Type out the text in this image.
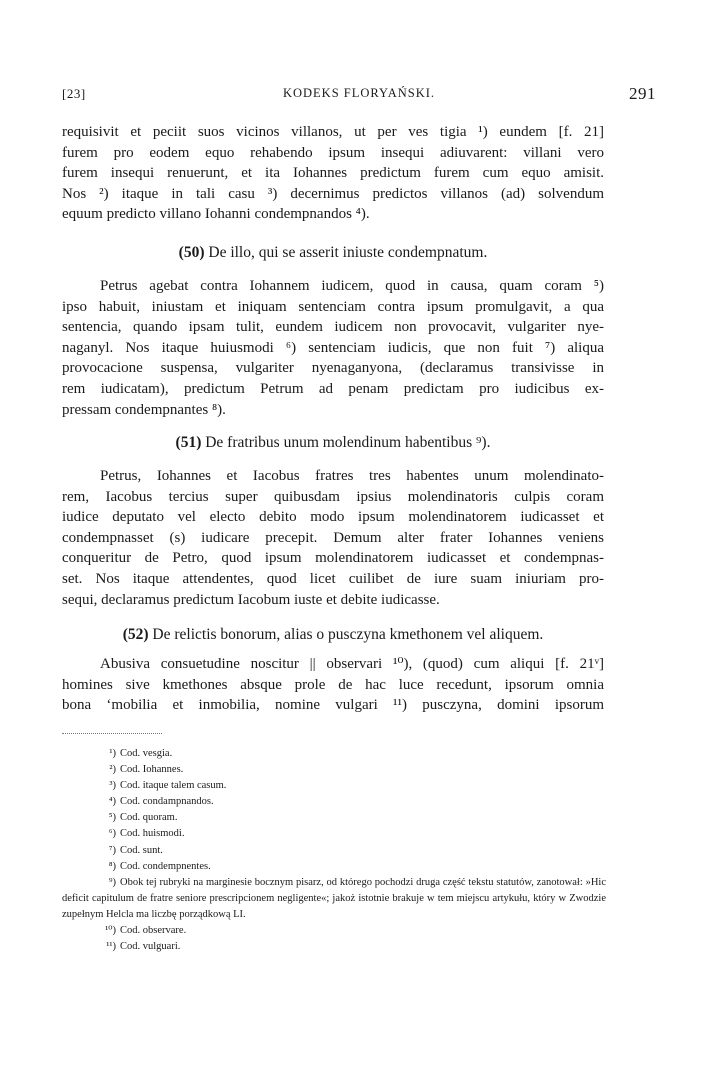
[23]	KODEKS FLORYAŃSKI.	291
requisivit et peciit suos vicinos villanos, ut per ves tigia ¹) eundem [f. 21]
furem pro eodem equo rehabendo ipsum insequi adiuvarent: villani vero
furem insequi renuerunt, et ita Iohannes predictum furem cum equo amisit.
Nos ²) itaque in tali casu ³) decernimus predictos villanos (ad) solvendum
equum predicto villano Iohanni condempnandos ⁴).
(50) De illo, qui se asserit iniuste condempnatum.
Petrus agebat contra Iohannem iudicem, quod in causa, quam coram ⁵)
ipso habuit, iniustam et iniquam sentenciam contra ipsum promulgavit, a qua
sentencia, quando ipsam tulit, eundem iudicem non provocavit, vulgariter nye-
naganyl. Nos itaque huiusmodi ⁶) sentenciam iudicis, que non fuit ⁷) aliqua
provocacione suspensa, vulgariter nyenaganyona, (declaramus transivisse in
rem iudicatam), predictum Petrum ad penam predictam pro iudicibus ex-
pressam condempnantes ⁸).
(51) De fratribus unum molendinum habentibus ⁹).
Petrus, Iohannes et Iacobus fratres tres habentes unum molendinato-
rem, Iacobus tercius super quibusdam ipsius molendinatoris culpis coram
iudice deputato vel electo debito modo ipsum molendinatorem iudicasset et
condempnasset (s) iudicare precepit. Demum alter frater Iohannes veniens
conqueritur de Petro, quod ipsum molendinatorem iudicasset et condempnas-
set. Nos itaque attendentes, quod licet cuilibet de iure suam iniuriam pro-
sequi, declaramus predictum Iacobum iuste et debite iudicasse.
(52) De relictis bonorum, alias o pusczyna kmethonem vel aliquem.
Abusiva consuetudine noscitur || observari ¹⁰), (quod) cum aliqui [f. 21ᵛ]
homines sive kmethones absque prole de hac luce recedunt, ipsorum omnia
bona ‘mobilia et inmobilia, nomine vulgari ¹¹) pusczyna, domini ipsorum
¹) Cod. vesgia.
²) Cod. Iohannes.
³) Cod. itaque talem casum.
⁴) Cod. condampnandos.
⁵) Cod. quoram.
⁶) Cod. huismodi.
⁷) Cod. sunt.
⁸) Cod. condempnentes.
⁹) Obok tej rubryki na marginesie bocznym pisarz, od którego pochodzi druga część tekstu statutów, zanotował: »Hic deficit capitulum de fratre seniore prescripcionem negligente«; jakoż istotnie brakuje w tem miejscu artykułu, który w Zwodzie zupełnym Helcla ma liczbę porządkową LI.
¹⁰) Cod. observare.
¹¹) Cod. vulguari.
